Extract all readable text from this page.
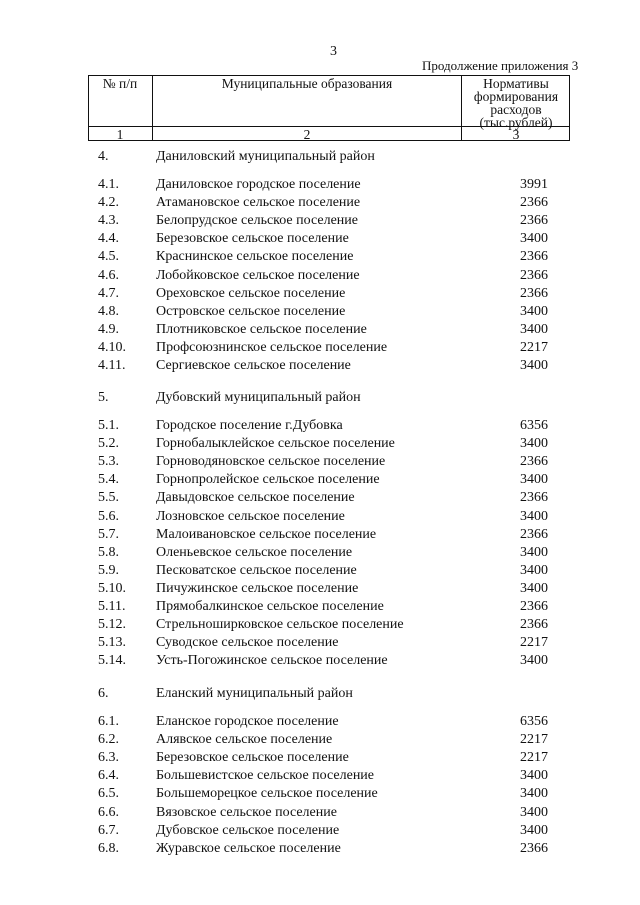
3
Продолжение приложения 3
№ п/п	Муниципальные образования	Нормативы формирования расходов (тыс.рублей)
1	2	3
4.	Даниловский муниципальный район
4.1.	Даниловское городское поселение	3991
4.2.	Атамановское сельское поселение	2366
4.3.	Белопрудское сельское поселение	2366
4.4.	Березовское сельское поселение	3400
4.5.	Краснинское сельское поселение	2366
4.6.	Лобойковское сельское поселение	2366
4.7.	Ореховское сельское поселение	2366
4.8.	Островское сельское поселение	3400
4.9.	Плотниковское сельское поселение	3400
4.10. Профсоюзнинское сельское поселение	2217
4.11. Сергиевское сельское поселение	3400
5.	Дубовский муниципальный район
5.1.	Городское поселение г.Дубовка	6356
5.2.	Горнобалыклейское сельское поселение	3400
5.3.	Горноводяновское сельское поселение	2366
5.4.	Горнопролейское сельское поселение	3400
5.5.	Давыдовское сельское поселение	2366
5.6.	Лозновское сельское поселение	3400
5.7.	Малоивановское сельское поселение	2366
5.8.	Оленьевское сельское поселение	3400
5.9.	Песковатское сельское поселение	3400
5.10. Пичужинское сельское поселение	3400
5.11. Прямобалкинское сельское поселение	2366
5.12. Стрельноширковское сельское поселение	2366
5.13. Суводское сельское поселение	2217
5.14. Усть-Погожинское сельское поселение	3400
6.	Еланский муниципальный район
6.1.	Еланское городское поселение	6356
6.2.	Алявское сельское поселение	2217
6.3.	Березовское сельское поселение	2217
6.4.	Большевистское сельское поселение	3400
6.5.	Большеморецкое сельское поселение	3400
6.6.	Вязовское сельское поселение	3400
6.7.	Дубовское сельское поселение	3400
6.8.	Журавское сельское поселение	2366
